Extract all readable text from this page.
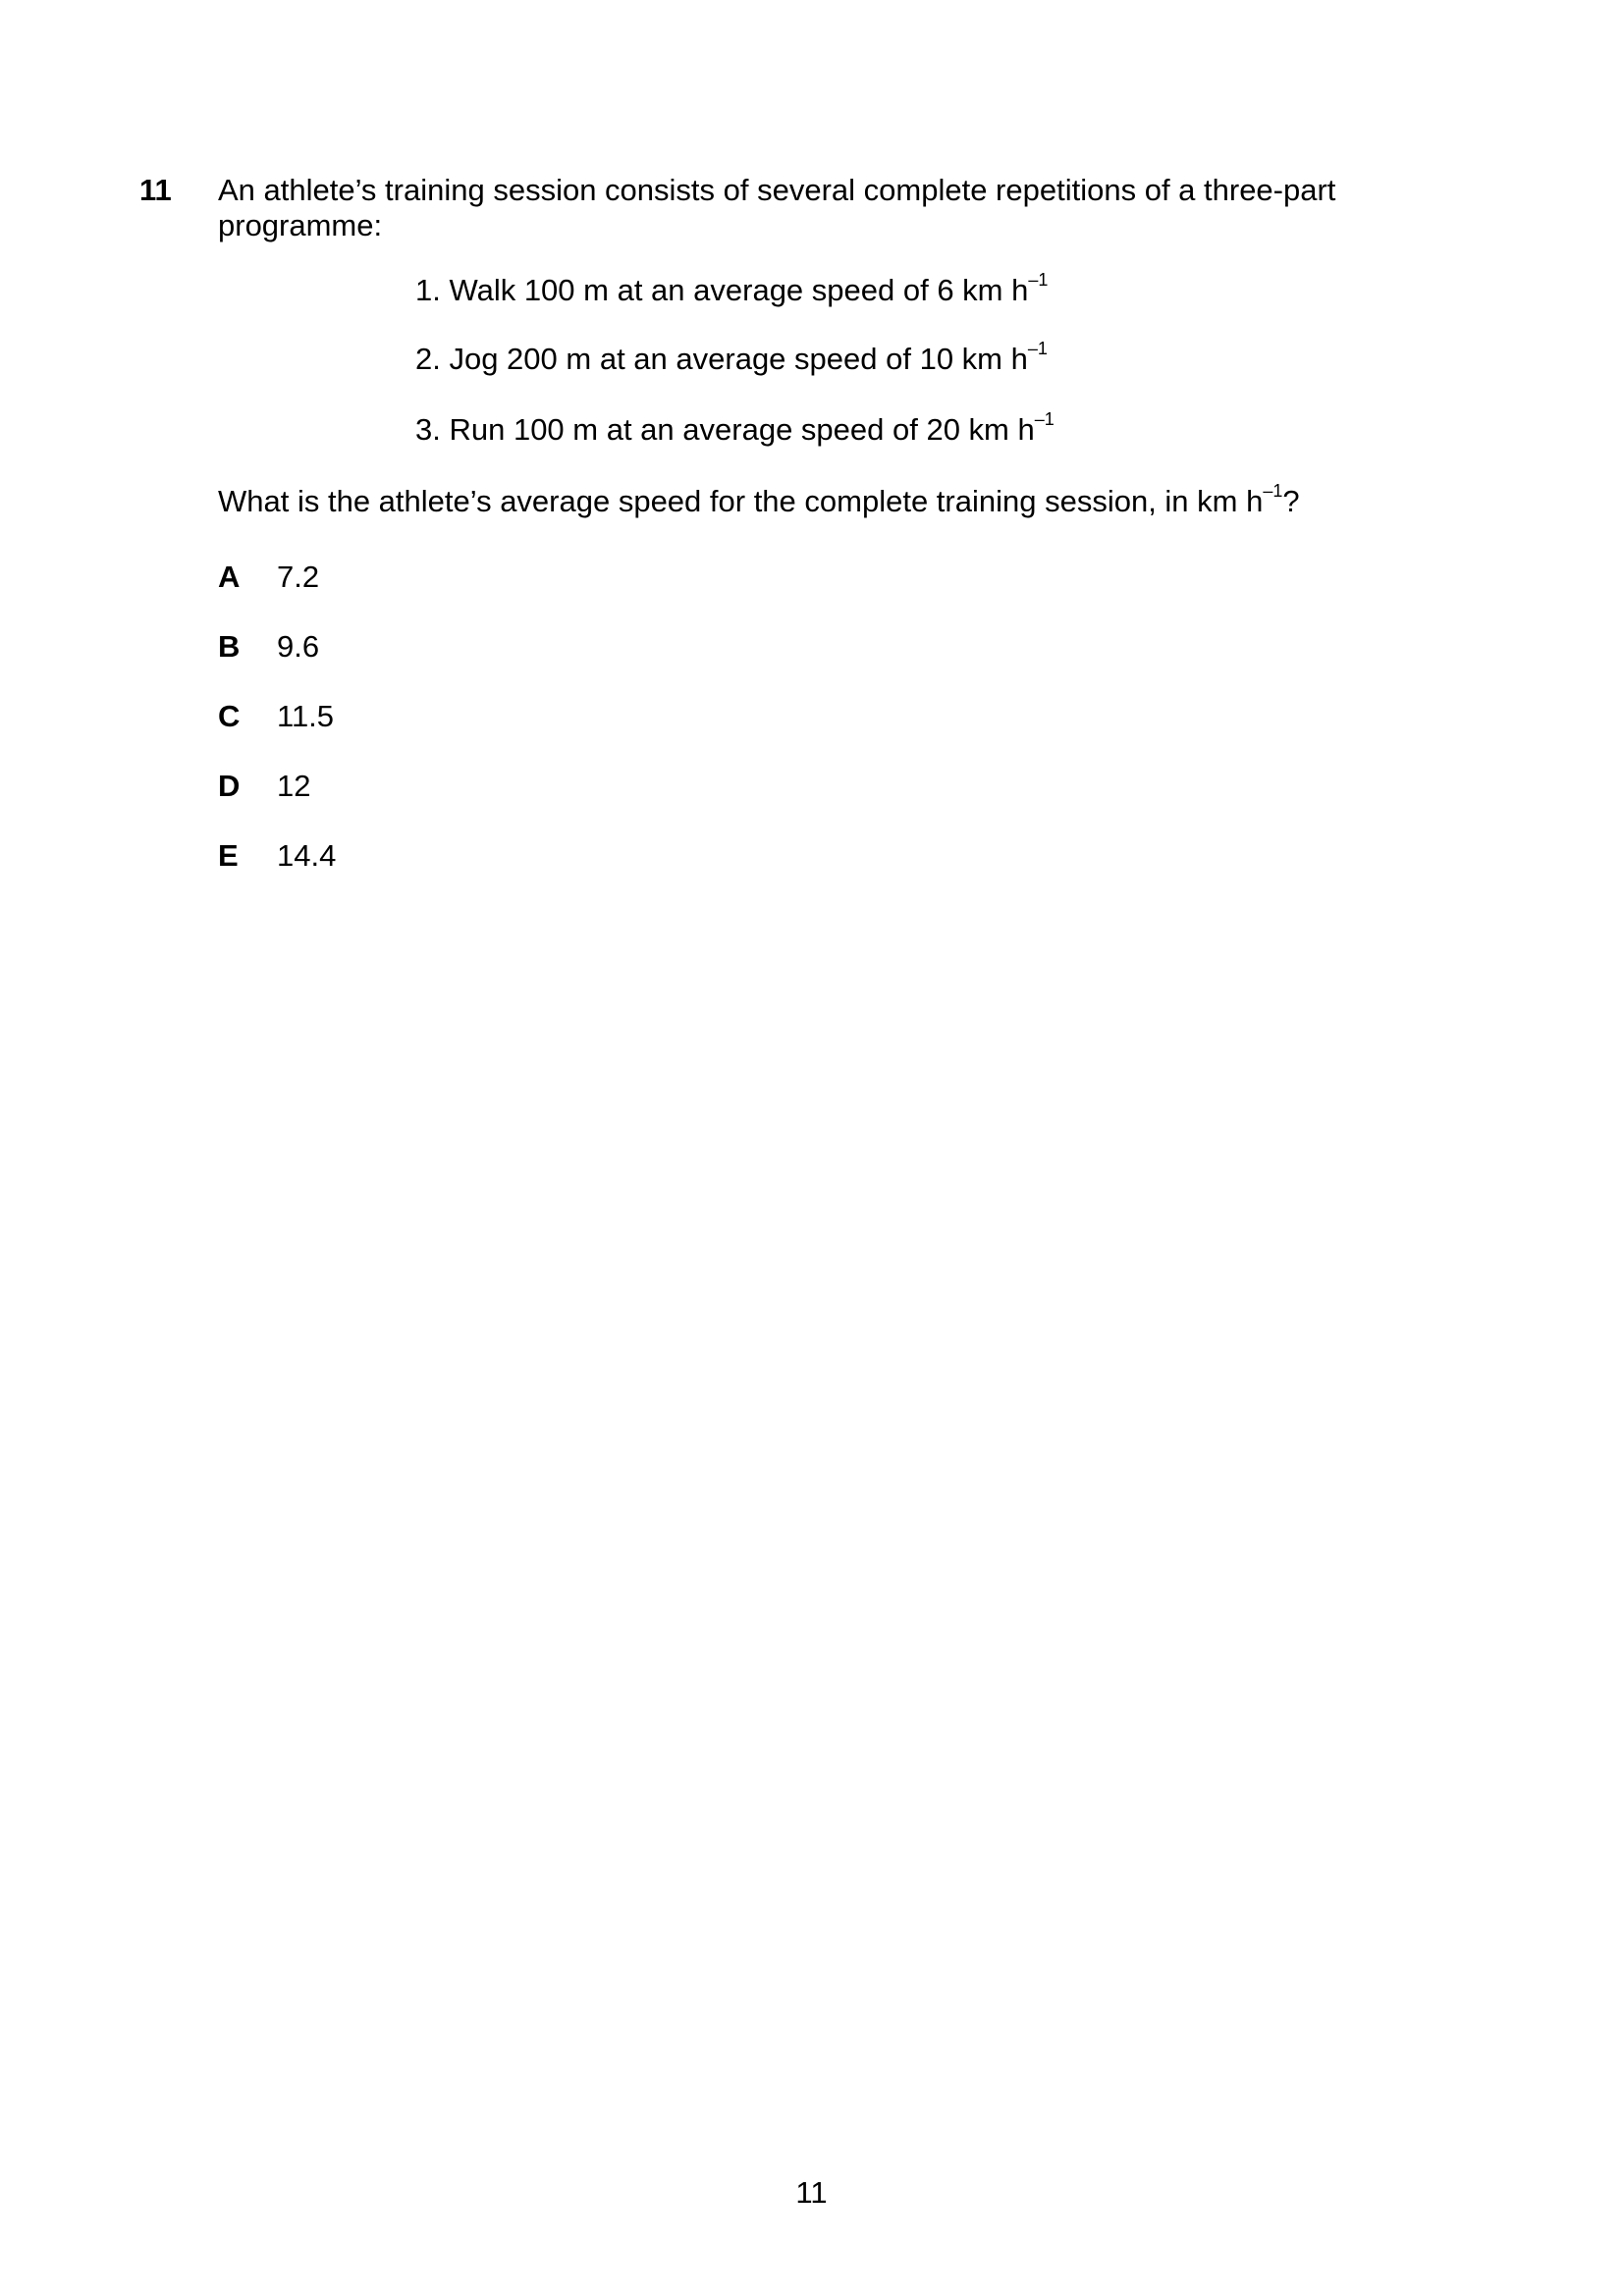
11 An athlete’s training session consists of several complete repetitions of a three-part programme:
1. Walk 100 m at an average speed of 6 km $h^{-1}$
2. Jog 200 m at an average speed of 10 km $h^{-1}$
3. Run 100 m at an average speed of 20 km $h^{-1}$
What is the athlete’s average speed for the complete training session, in km $h^{-1}$?
A 7.2
B 9.6
C 11.5
D 12
E 14.4
11
